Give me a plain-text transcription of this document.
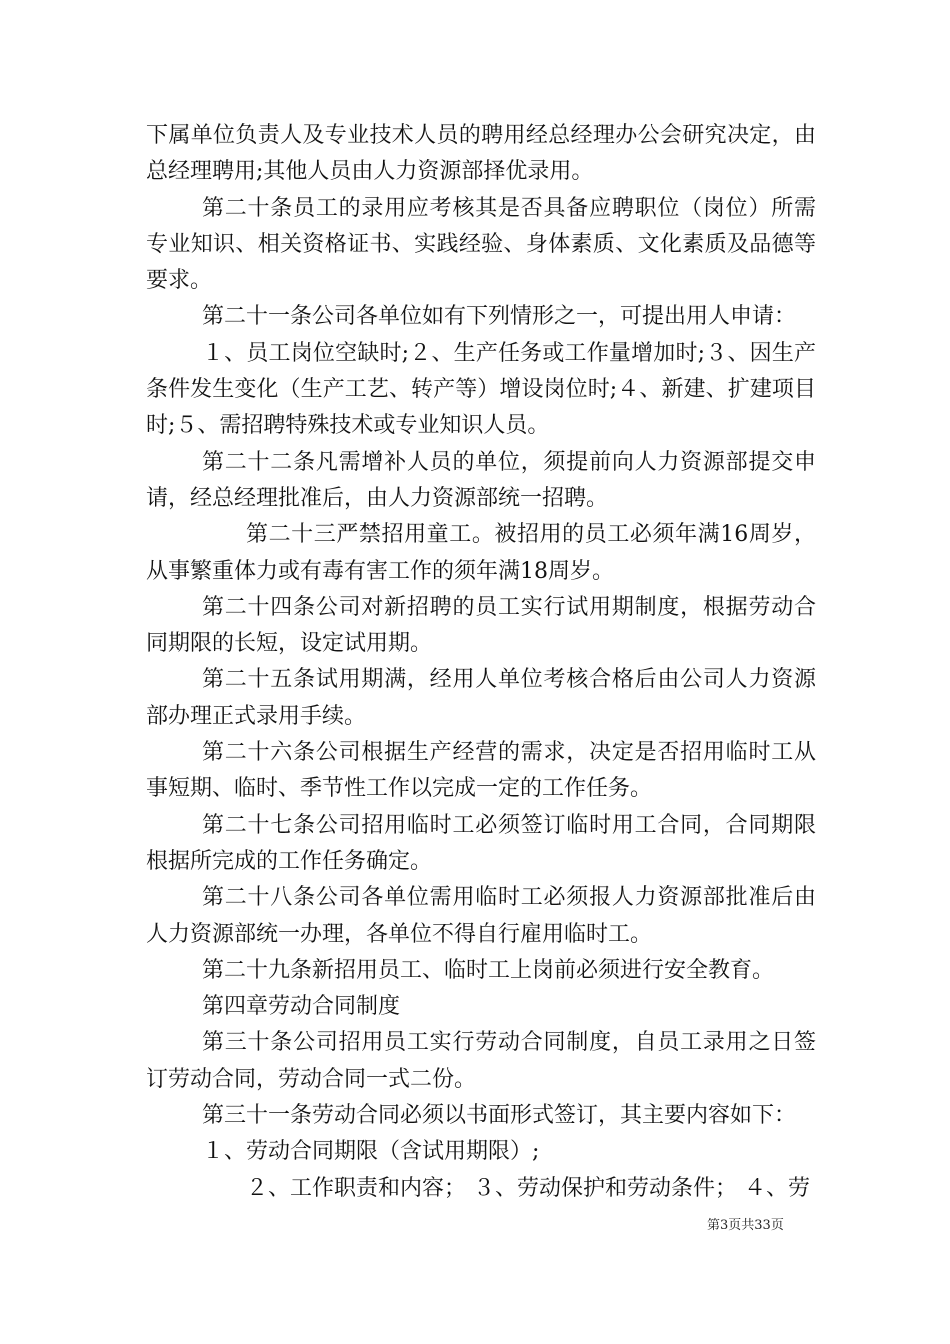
下属单位负责人及专业技术人员的聘用经总经理办公会研究决定，由总经理聘用;其他人员由人力资源部择优录用。

第二十条员工的录用应考核其是否具备应聘职位（岗位）所需专业知识、相关资格证书、实践经验、身体素质、文化素质及品德等要求。

第二十一条公司各单位如有下列情形之一，可提出用人申请：

１、员工岗位空缺时;２、生产任务或工作量增加时;３、因生产条件发生变化（生产工艺、转产等）增设岗位时;４、新建、扩建项目时;５、需招聘特殊技术或专业知识人员。

第二十二条凡需增补人员的单位，须提前向人力资源部提交申请，经总经理批准后，由人力资源部统一招聘。

第二十三严禁招用童工。被招用的员工必须年满16周岁，从事繁重体力或有毒有害工作的须年满18周岁。

第二十四条公司对新招聘的员工实行试用期制度，根据劳动合同期限的长短，设定试用期。

第二十五条试用期满，经用人单位考核合格后由公司人力资源部办理正式录用手续。

第二十六条公司根据生产经营的需求，决定是否招用临时工从事短期、临时、季节性工作以完成一定的工作任务。

第二十七条公司招用临时工必须签订临时用工合同，合同期限根据所完成的工作任务确定。

第二十八条公司各单位需用临时工必须报人力资源部批准后由人力资源部统一办理，各单位不得自行雇用临时工。

第二十九条新招用员工、临时工上岗前必须进行安全教育。

第四章劳动合同制度

第三十条公司招用员工实行劳动合同制度，自员工录用之日签订劳动合同，劳动合同一式二份。

第三十一条劳动合同必须以书面形式签订，其主要内容如下：

１、劳动合同期限（含试用期限）;

２、工作职责和内容； ３、劳动保护和劳动条件； ４、劳

第3页共33页
